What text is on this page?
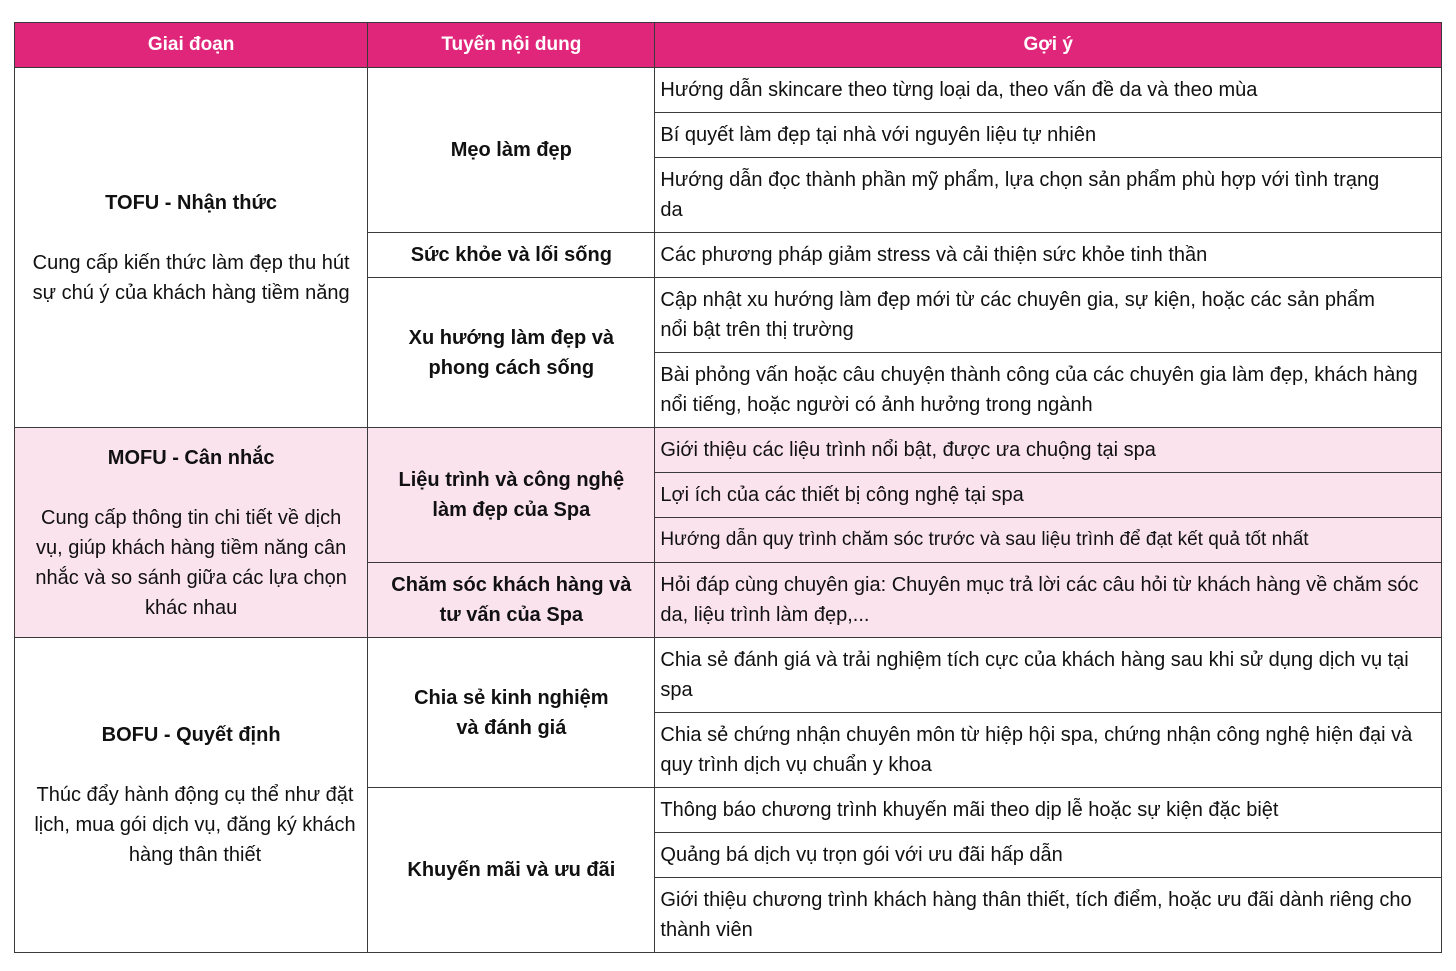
Giai đoạn	Tuyến nội dung	Gợi ý

TOFU - Nhận thức
Cung cấp kiến thức làm đẹp thu hút sự chú ý của khách hàng tiềm năng	Mẹo làm đẹp	Hướng dẫn skincare theo từng loại da, theo vấn đề da và theo mùa
		Bí quyết làm đẹp tại nhà với nguyên liệu tự nhiên

		Hướng dẫn đọc thành phần mỹ phẩm, lựa chọn sản phẩm phù hợp với tình trạng da

	Sức khỏe và lối sống	Các phương pháp giảm stress và cải thiện sức khỏe tinh thần

	Xu hướng làm đẹp và phong cách sống	Cập nhật xu hướng làm đẹp mới từ các chuyên gia, sự kiện, hoặc các sản phẩm nổi bật trên thị trường

		Bài phỏng vấn hoặc câu chuyện thành công của các chuyên gia làm đẹp, khách hàng nổi tiếng, hoặc người có ảnh hưởng trong ngành

MOFU - Cân nhắc
Cung cấp thông tin chi tiết về dịch vụ, giúp khách hàng tiềm năng cân nhắc và so sánh giữa các lựa chọn khác nhau	Liệu trình và công nghệ làm đẹp của Spa	Giới thiệu các liệu trình nổi bật, được ưa chuộng tại spa
		Lợi ích của các thiết bị công nghệ tại spa
		Hướng dẫn quy trình chăm sóc trước và sau liệu trình để đạt kết quả tốt nhất

	Chăm sóc khách hàng và tư vấn của Spa	Hỏi đáp cùng chuyên gia: Chuyên mục trả lời các câu hỏi từ khách hàng về chăm sóc da, liệu trình làm đẹp,...

BOFU - Quyết định
Thúc đẩy hành động cụ thể như đặt lịch, mua gói dịch vụ, đăng ký khách hàng thân thiết	Chia sẻ kinh nghiệm và đánh giá	Chia sẻ đánh giá và trải nghiệm tích cực của khách hàng sau khi sử dụng dịch vụ tại spa

		Chia sẻ chứng nhận chuyên môn từ hiệp hội spa, chứng nhận công nghệ hiện đại và quy trình dịch vụ chuẩn y khoa

	Khuyến mãi và ưu đãi	Thông báo chương trình khuyến mãi theo dịp lễ hoặc sự kiện đặc biệt
		Quảng bá dịch vụ trọn gói với ưu đãi hấp dẫn

		Giới thiệu chương trình khách hàng thân thiết, tích điểm, hoặc ưu đãi dành riêng cho thành viên
